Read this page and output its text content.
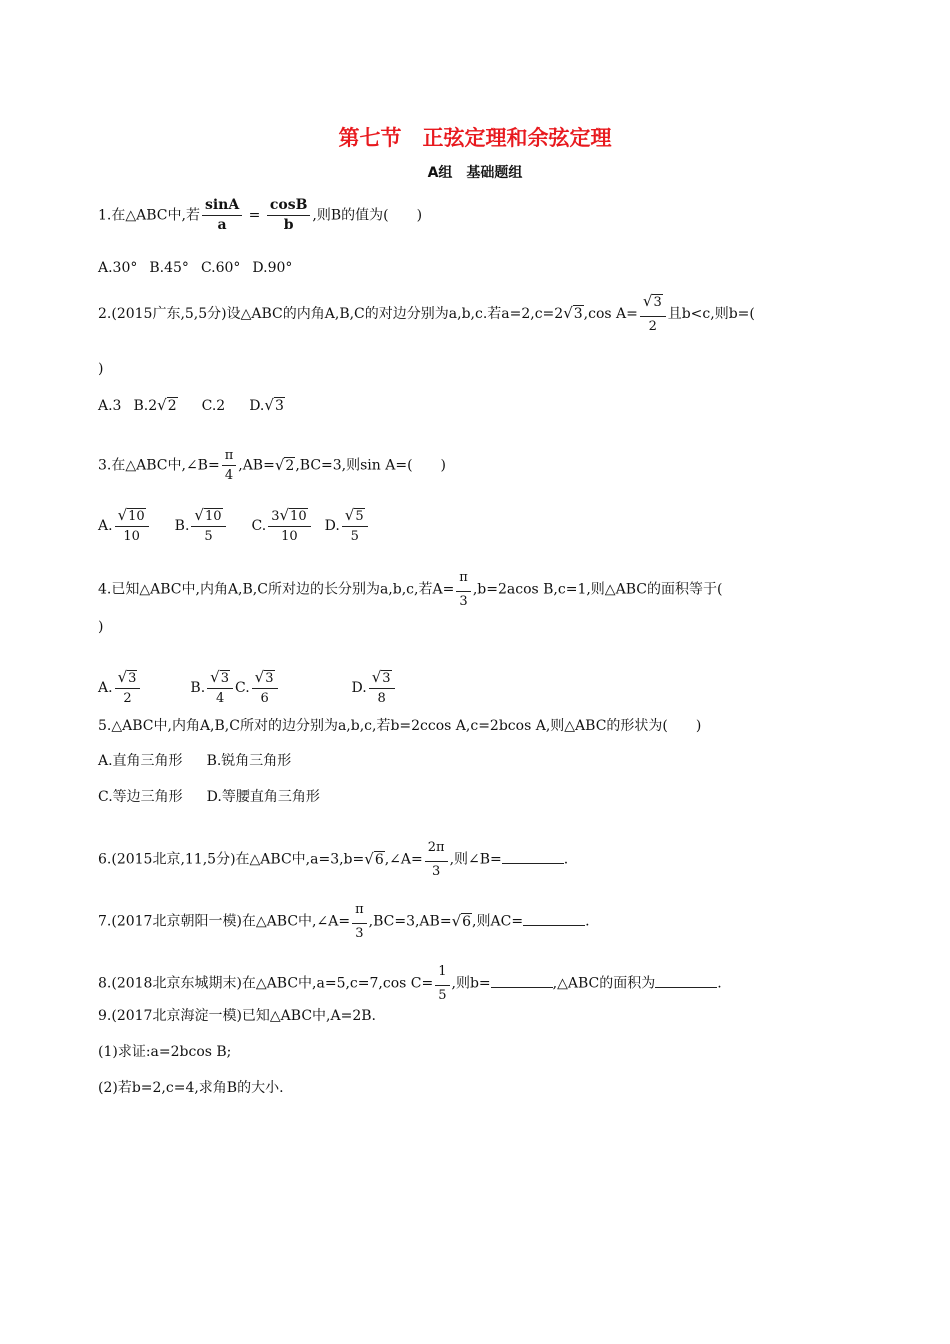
第七节　正弦定理和余弦定理
A组　基础题组
1.在△ABC中,若 $\frac{\sin A}{a} = \frac{\cos B}{b}$ ,则B的值为(　　)
A.30° B.45° C.60° D.90°
2.(2015广东,5,5分)设△ABC的内角A,B,C的对边分别为a,b,c.若a=2,c=2√3,cos $A= \frac{√3}{2}$ 且b<c,则b=(
)
A.3 B.2√2 C.2 D.√3
3.在△ABC中,∠B= $\frac{\pi}{4} ,AB=√2,BC=3$,则sin A=(　　)
A. $\frac{√10}{10} B$. $\frac{√10}{5} C$. $\frac{3√10}{10} D$. $\frac{√5}{5}$
4.已知△ABC中,内角A,B,C所对边的长分别为a,b,c,若$A= \frac{\pi}{3} ,b=2acos$ B,c=1,则△ABC的面积等于(
)
A. $\frac{√3}{2}$	B. $\frac{√3}{4} C$. $\frac{√3}{6}$	D. $\frac{√3}{8}$
5.△ABC中,内角A,B,C所对的边分别为a,b,c,若b=2ccos A,c=2bcos A,则△ABC的形状为(　　)
A.直角三角形 B.锐角三角形
C.等边三角形 D.等腰直角三角形
6.(2015北京,11,5分)在△ABC中,a=3,b=√6,∠A= $\frac{2\pi}{3}$ ,则∠B=	.
7.(2017北京朝阳一模)在△ABC中,∠A= $\frac{\pi}{3} ,BC=3,AB=√6$,则AC=	.
8.(2018北京东城期末)在△ABC中,a=5,c=7,cos $C= \frac{1}{5}$ ,则b=	,△ABC的面积为	.
9.(2017北京海淀一模)已知△ABC中,A=2B.
(1)求证:a=2bcos B;
(2)若b=2,c=4,求角B的大小.
